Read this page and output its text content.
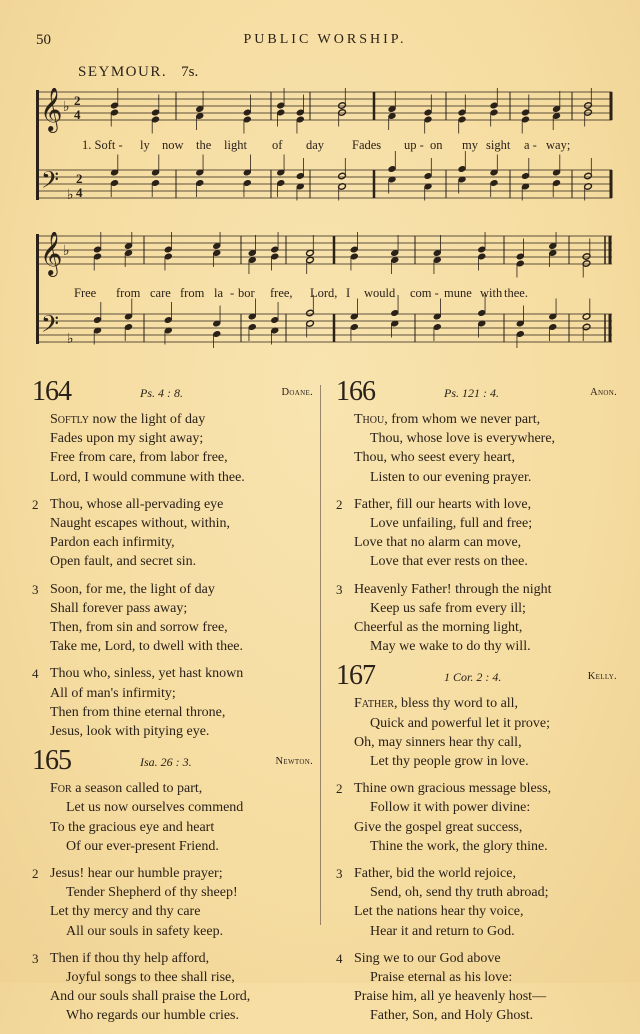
50	PUBLIC WORSHIP.
SEYMOUR. 7s.
𝄞
𝄢
♭
♭
2
4
2
4
1. Soft - ly now the light of day Fades up - on my sight a - way;
𝄞
𝄢
♭
♭
Free from care from la - bor free, Lord, I would com - mune with thee.
164	Ps. 4 : 8.	Doane.
Softly now the light of day
Fades upon my sight away;
Free from care, from labor free,
Lord, I would commune with thee.
2 Thou, whose all-pervading eye
Naught escapes without, within,
Pardon each infirmity,
Open fault, and secret sin.
3 Soon, for me, the light of day
Shall forever pass away;
Then, from sin and sorrow free,
Take me, Lord, to dwell with thee.
4 Thou who, sinless, yet hast known
All of man's infirmity;
Then from thine eternal throne,
Jesus, look with pitying eye.
165	Isa. 26 : 3.	Newton.
For a season called to part,
Let us now ourselves commend
To the gracious eye and heart
Of our ever-present Friend.
2 Jesus! hear our humble prayer;
Tender Shepherd of thy sheep!
Let thy mercy and thy care
All our souls in safety keep.
3 Then if thou thy help afford,
Joyful songs to thee shall rise,
And our souls shall praise the Lord,
Who regards our humble cries.
166	Ps. 121 : 4.	Anon.
Thou, from whom we never part,
Thou, whose love is everywhere,
Thou, who seest every heart,
Listen to our evening prayer.
2 Father, fill our hearts with love,
Love unfailing, full and free;
Love that no alarm can move,
Love that ever rests on thee.
3 Heavenly Father! through the night
Keep us safe from every ill;
Cheerful as the morning light,
May we wake to do thy will.
167	1 Cor. 2 : 4.	Kelly.
Father, bless thy word to all,
Quick and powerful let it prove;
Oh, may sinners hear thy call,
Let thy people grow in love.
2 Thine own gracious message bless,
Follow it with power divine:
Give the gospel great success,
Thine the work, the glory thine.
3 Father, bid the world rejoice,
Send, oh, send thy truth abroad;
Let the nations hear thy voice,
Hear it and return to God.
4 Sing we to our God above
Praise eternal as his love:
Praise him, all ye heavenly host—
Father, Son, and Holy Ghost.
